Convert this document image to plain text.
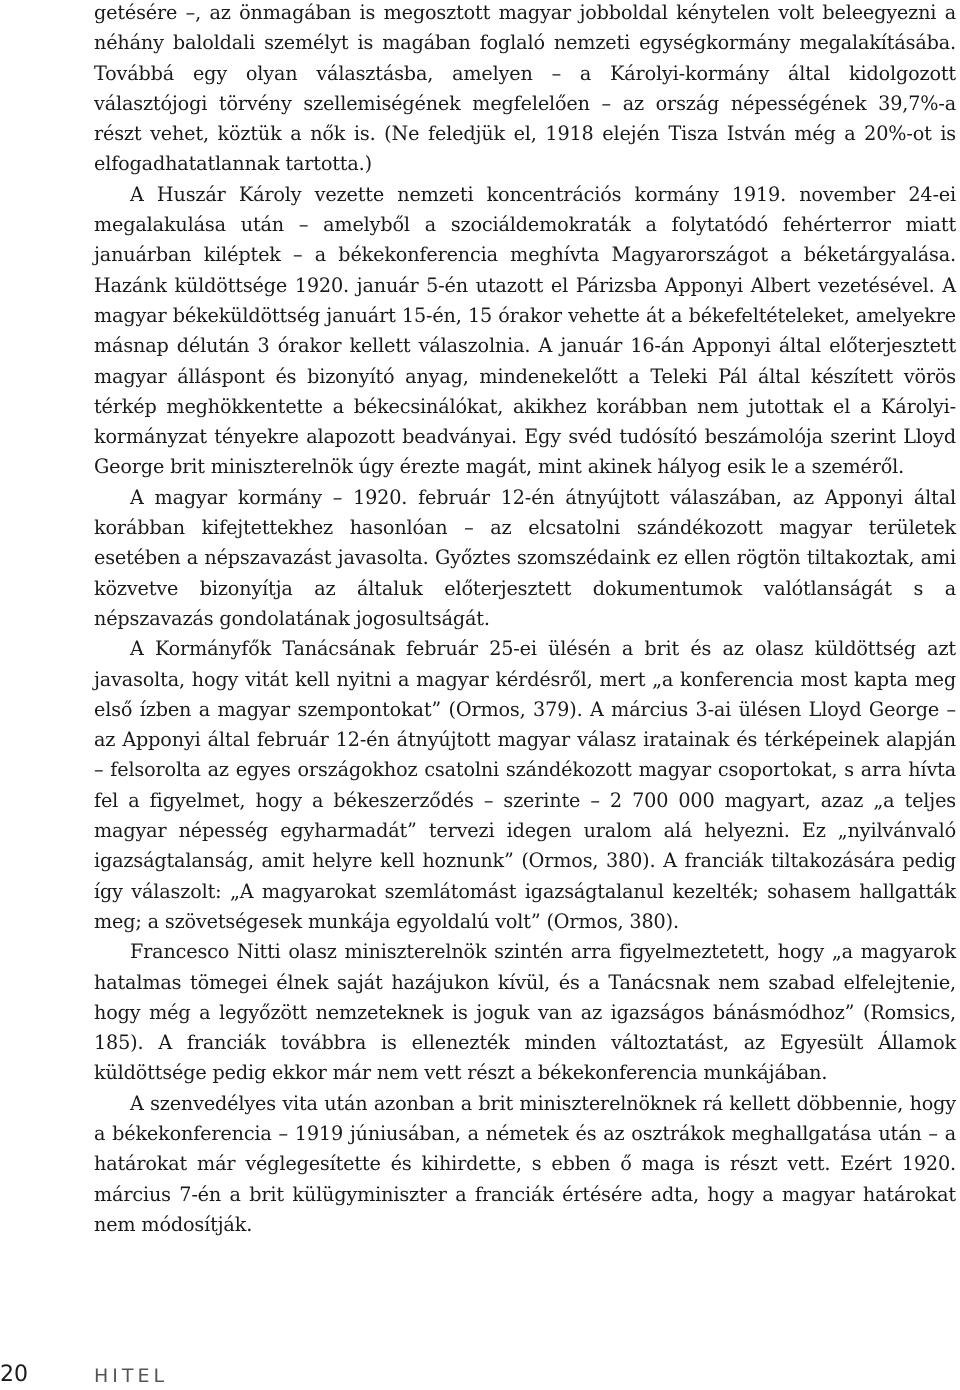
getésére –, az önmagában is megosztott magyar jobboldal kénytelen volt beleegyezni a néhány baloldali személyt is magában foglaló nemzeti egységkormány megalakításába. Továbbá egy olyan választásba, amelyen – a Károlyi-kormány által kidolgozott választójogi törvény szellemiségének megfelelően – az ország népességének 39,7%-a részt vehet, köztük a nők is. (Ne feledjük el, 1918 elején Tisza István még a 20%-ot is elfogadhatatlannak tartotta.)

A Huszár Károly vezette nemzeti koncentrációs kormány 1919. november 24-ei megalakulása után – amelyből a szociáldemokraták a folytatódó fehérterror miatt januárban kiléptek – a békekonferencia meghívta Magyarországot a béketárgyalása. Hazánk küldöttsége 1920. január 5-én utazott el Párizsba Apponyi Albert vezetésével. A magyar békeküldöttség januárt 15-én, 15 órakor vehette át a békefeltételeket, amelyekre másnap délután 3 órakor kellett válaszolnia. A január 16-án Apponyi által előterjesztett magyar álláspont és bizonyító anyag, mindenekelőtt a Teleki Pál által készített vörös térkép meghökkentette a békecsinálókat, akikhez korábban nem jutottak el a Károlyi-kormányzat tényekre alapozott beadványai. Egy svéd tudósító beszámolója szerint Lloyd George brit miniszterelnök úgy érezte magát, mint akinek hályog esik le a szeméről.

A magyar kormány – 1920. február 12-én átnyújtott válaszában, az Apponyi által korábban kifejtettekhez hasonlóan – az elcsatolni szándékozott magyar területek esetében a népszavazást javasolta. Győztes szomszédaink ez ellen rögtön tiltakoztak, ami közvetve bizonyítja az általuk előterjesztett dokumentumok valótlanságát s a népszavazás gondolatának jogosultságát.

A Kormányfők Tanácsának február 25-ei ülésén a brit és az olasz küldöttség azt javasolta, hogy vitát kell nyitni a magyar kérdésről, mert „a konferencia most kapta meg első ízben a magyar szempontokat” (Ormos, 379). A március 3-ai ülésen Lloyd George – az Apponyi által február 12-én átnyújtott magyar válasz iratainak és térképeinek alapján – felsorolta az egyes országokhoz csatolni szándékozott magyar csoportokat, s arra hívta fel a figyelmet, hogy a békeszerződés – szerinte – 2 700 000 magyart, azaz „a teljes magyar népesség egyharmadát” tervezi idegen uralom alá helyezni. Ez „nyilvánvaló igazságtalanság, amit helyre kell hoznunk” (Ormos, 380). A franciák tiltakozására pedig így válaszolt: „A magyarokat szemlátomást igazságtalanul kezelték; sohasem hallgatták meg; a szövetségesek munkája egyoldalú volt” (Ormos, 380).

Francesco Nitti olasz miniszterelnök szintén arra figyelmeztetett, hogy „a magyarok hatalmas tömegei élnek saját hazájukon kívül, és a Tanácsnak nem szabad elfelejtenie, hogy még a legyőzött nemzeteknek is joguk van az igazságos bánásmódhoz” (Romsics, 185). A franciák továbbra is ellenezték minden változtatást, az Egyesült Államok küldöttsége pedig ekkor már nem vett részt a békekonferencia munkájában.

A szenvedélyes vita után azonban a brit miniszterelnöknek rá kellett döbbennie, hogy a békekonferencia – 1919 júniusában, a németek és az osztrákok meghallgatása után – a határokat már véglegesítette és kihirdette, s ebben ő maga is részt vett. Ezért 1920. március 7-én a brit külügyminiszter a franciák értésére adta, hogy a magyar határokat nem módosítják.

20	HITEL
